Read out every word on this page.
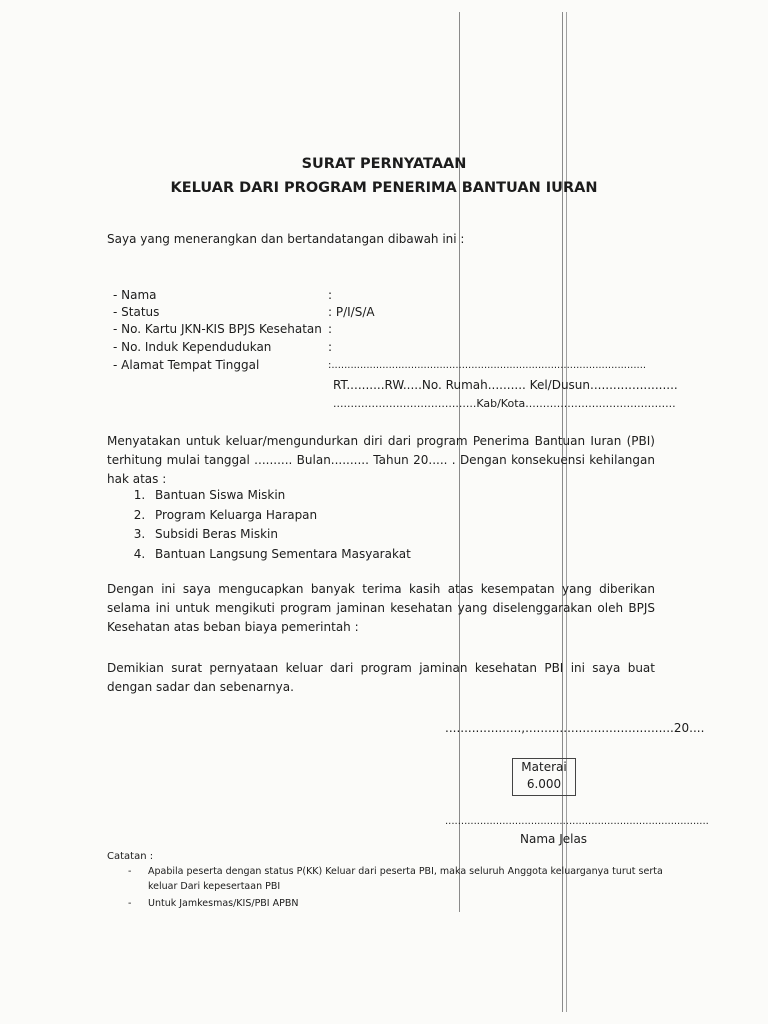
SURAT PERNYATAAN
KELUAR DARI PROGRAM PENERIMA BANTUAN IURAN
Saya yang menerangkan dan bertandatangan dibawah ini :
- Nama	:
- Status	: P/I/S/A
- No. Kartu JKN-KIS BPJS Kesehatan :
- No. Induk Kependudukan	:
- Alamat Tempat Tinggal	:...................................................................................................
RT..........RW.....No. Rumah.......... Kel/Dusun.......................
.........................................Kab/Kota...........................................
Menyatakan untuk keluar/mengundurkan diri dari program Penerima Bantuan Iuran (PBI) terhitung mulai tanggal .......... Bulan.......... Tahun 20..... . Dengan konsekuensi kehilangan hak atas :
1. Bantuan Siswa Miskin
2. Program Keluarga Harapan
3. Subsidi Beras Miskin
4. Bantuan Langsung Sementara Masyarakat
Dengan ini saya mengucapkan banyak terima kasih atas kesempatan yang diberikan selama ini untuk mengikuti program jaminan kesehatan yang diselenggarakan oleh BPJS Kesehatan atas beban biaya pemerintah :
Demikian surat pernyataan keluar dari program jaminan kesehatan PBI ini saya buat dengan sadar dan sebenarnya.
....................,.......................................20....
Materai
6.000
...................................................................................
Nama Jelas
Catatan :
- Apabila peserta dengan status P(KK) Keluar dari peserta PBI, maka seluruh Anggota keluarganya turut serta keluar Dari kepesertaan PBI
- Untuk Jamkesmas/KIS/PBI APBN
